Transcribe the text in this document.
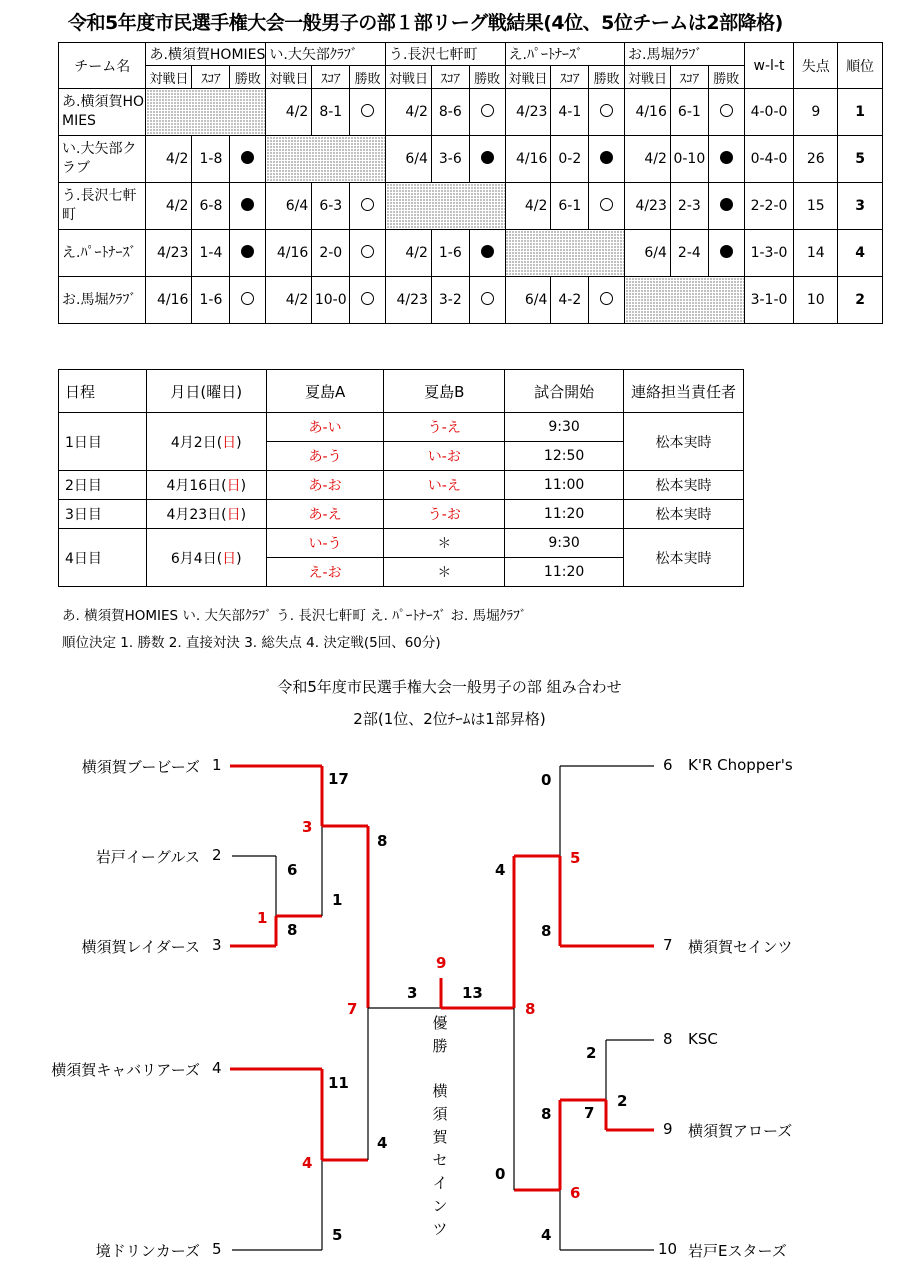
令和5年度市民選手権大会一般男子の部１部リーグ戦結果(4位、5位チームは2部降格)
チーム名	あ.横須賀HOMIES			い.大矢部ｸﾗﾌﾞ			う.長沢七軒町			え.ﾊﾟｰﾄﾅｰｽﾞ			お.馬堀ｸﾗﾌﾞ			w-l-t	失点	順位
	対戦日	ｽｺｱ	勝敗	対戦日	ｽｺｱ	勝敗	対戦日	ｽｺｱ	勝敗	対戦日	ｽｺｱ	勝敗	対戦日	ｽｺｱ	勝敗			
あ.横須賀HOMIES				4/2	8-1		4/2	8-6		4/23	4-1		4/16	6-1		4-0-0	9	1
い.大矢部クラブ	4/2	1-8					6/4	3-6		4/16	0-2		4/2	0-10		0-4-0	26	5
う.長沢七軒町	4/2	6-8		6/4	6-3					4/2	6-1		4/23	2-3		2-2-0	15	3
え.ﾊﾟｰﾄﾅｰｽﾞ	4/23	1-4		4/16	2-0		4/2	1-6					6/4	2-4		1-3-0	14	4
お.馬堀ｸﾗﾌﾞ	4/16	1-6		4/2	10-0		4/23	3-2		6/4	4-2					3-1-0	10	2
日程	月日(曜日)	夏島A	夏島B	試合開始	連絡担当責任者
1日目	4月2日(日)	あ-い	う-え	9:30	松本実時
		あ-う	い-お	12:50	
2日目	4月16日(日)	あ-お	い-え	11:00	松本実時
3日目	4月23日(日)	あ-え	う-お	11:20	松本実時
4日目	6月4日(日)	い-う	＊	9:30	松本実時
		え-お	＊	11:20	
あ. 横須賀HOMIES い. 大矢部ｸﾗﾌﾞ う. 長沢七軒町 え. ﾊﾟｰﾄﾅｰｽﾞ お. 馬堀ｸﾗﾌﾞ
順位決定 1. 勝数 2. 直接対決 3. 総失点 4. 決定戦(5回、60分)
令和5年度市民選手権大会一般男子の部 組み合わせ
2部(1位、2位ﾁｰﾑは1部昇格)
横須賀ブービーズ 1
岩戸イーグルス 2
横須賀レイダース 3
横須賀キャバリアーズ 4
境ドリンカーズ 5
6 K'R Chopper's
7 横須賀セインツ
8 KSC
9 横須賀アローズ
10 岩戸Eスターズ
17
6
8
1
8
11
5
4
3	13
0
4
8
8
2
2
7
0
4
3
1
4
7
9
8
5
6
優
勝
横
須
賀
セ
イ
ン
ツ
